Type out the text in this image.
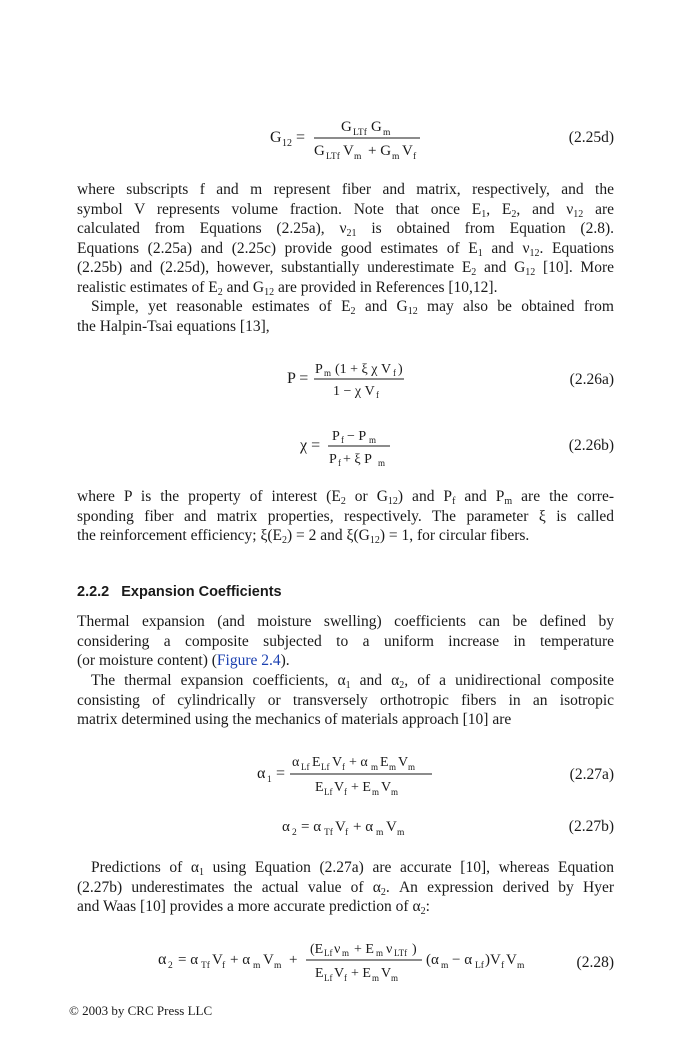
G 12 =
G LTf G m
G LTf V m + G m V f
(2.25d)
where subscripts f and m represent fiber and matrix, respectively, and the
symbol V represents volume fraction. Note that once $E_1$, $E_2$, and $\nu_{12}$ are
calculated from Equations (2.25a), $\nu_{21}$ is obtained from Equation (2.8).
Equations (2.25a) and (2.25c) provide good estimates of $E_1$ and $\nu_{12}$. Equations
(2.25b) and (2.25d), however, substantially underestimate $E_2$ and $G_{12}$ [10]. More
realistic estimates of $E_2$ and $G_{12}$ are provided in References [10,12].
Simple, yet reasonable estimates of $E_2$ and $G_{12}$ may also be obtained from
the Halpin-Tsai equations [13],
P =
P m (1 + ξ χ V f )
1 − χ V f
(2.26a)
χ =
P f − P m
P f + ξ P m
(2.26b)
where P is the property of interest ($E_2$ or $G_{12}$) and $P_f$ and $P_m$ are the corre-
sponding fiber and matrix properties, respectively. The parameter ξ is called
the reinforcement efficiency; $\xi(E_2) = 2$ and $\xi(G_{12}) = 1$, for circular fibers.
2.2.2 Expansion Coefficients
Thermal expansion (and moisture swelling) coefficients can be defined by
considering a composite subjected to a uniform increase in temperature
(or moisture content) (Figure 2.4).
The thermal expansion coefficients, $\alpha_1$ and $\alpha_2$, of a unidirectional composite
consisting of cylindrically or transversely orthotropic fibers in an isotropic
matrix determined using the mechanics of materials approach [10] are
α 1 =
α Lf E Lf V f + α m E m V m
E Lf V f + E m V m
(2.27a)
α 2 = α Tf V f + α m V m	(2.27b)
Predictions of $\alpha_1$ using Equation (2.27a) are accurate [10], whereas Equation
(2.27b) underestimates the actual value of $\alpha_2$. An expression derived by Hyer
and Waas [10] provides a more accurate prediction of $\alpha_2$:
α 2 = α Tf V f + α m V m +
(E Lf ν m + E m ν LTf )
E Lf V f + E m V m
(α m − α Lf )V f V m	(2.28)
© 2003 by CRC Press LLC
